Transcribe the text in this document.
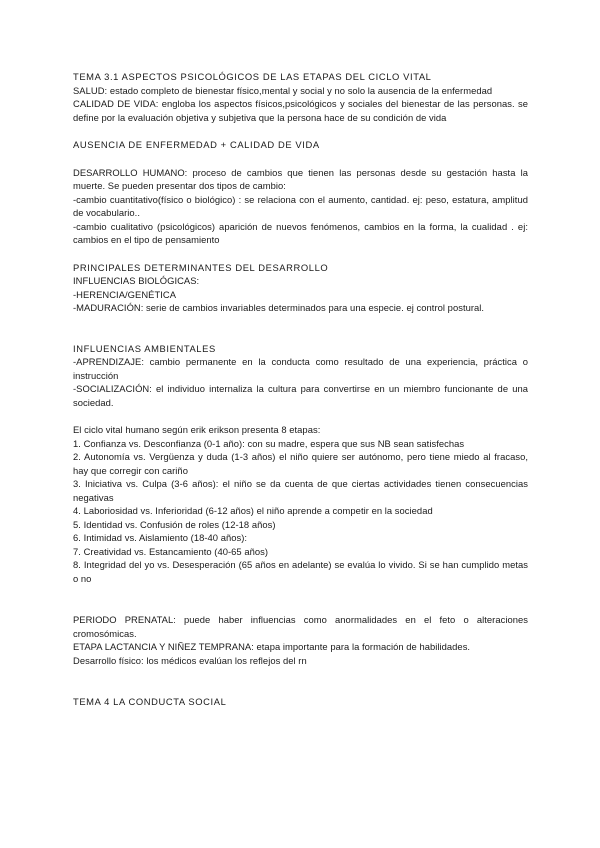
TEMA 3.1 ASPECTOS PSICOLÓGICOS DE LAS ETAPAS DEL CICLO VITAL

SALUD: estado completo de bienestar físico,mental y social y no solo la ausencia de la enfermedad

CALIDAD DE VIDA: engloba los aspectos físicos,psicológicos y sociales del bienestar de las personas. se define por la evaluación objetiva y subjetiva que la persona hace de su condición de vida

AUSENCIA DE ENFERMEDAD + CALIDAD DE VIDA

DESARROLLO HUMANO: proceso de cambios que tienen las personas desde su gestación hasta la muerte. Se pueden presentar dos tipos de cambio:

-cambio cuantitativo(físico o biológico) : se relaciona con el aumento, cantidad. ej: peso, estatura, amplitud de vocabulario..

-cambio cualitativo (psicológicos) aparición de nuevos fenómenos, cambios en la forma, la cualidad . ej: cambios en el tipo de pensamiento

PRINCIPALES DETERMINANTES DEL DESARROLLO

INFLUENCIAS BIOLÓGICAS:

-HERENCIA/GENÉTICA

-MADURACIÓN: serie de cambios invariables determinados para una especie. ej control postural.

INFLUENCIAS AMBIENTALES

-APRENDIZAJE: cambio permanente en la conducta como resultado de una experiencia, práctica o instrucción

-SOCIALIZACIÓN: el individuo internaliza la cultura para convertirse en un miembro funcionante de una sociedad.

El ciclo vital humano según erik erikson presenta 8 etapas:

1. Confianza vs. Desconfianza (0-1 año): con su madre, espera que sus NB sean satisfechas

2. Autonomía vs. Vergüenza y duda (1-3 años) el niño quiere ser autónomo, pero tiene miedo al fracaso, hay que corregir con cariño

3. Iniciativa vs. Culpa (3-6 años): el niño se da cuenta de que ciertas actividades tienen consecuencias negativas

4. Laboriosidad vs. Inferioridad (6-12 años) el niño aprende a competir en la sociedad

5. Identidad vs. Confusión de roles (12-18 años)

6. Intimidad vs. Aislamiento (18-40 años):

7. Creatividad vs. Estancamiento (40-65 años)

8. Integridad del yo vs. Desesperación (65 años en adelante) se evalúa lo vivido. Si se han cumplido metas o no

PERIODO PRENATAL: puede haber influencias como anormalidades en el feto o alteraciones cromosómicas.

ETAPA LACTANCIA Y NIÑEZ TEMPRANA: etapa importante para la formación de habilidades.

Desarrollo físico: los médicos evalúan los reflejos del rn

TEMA 4 LA CONDUCTA SOCIAL
